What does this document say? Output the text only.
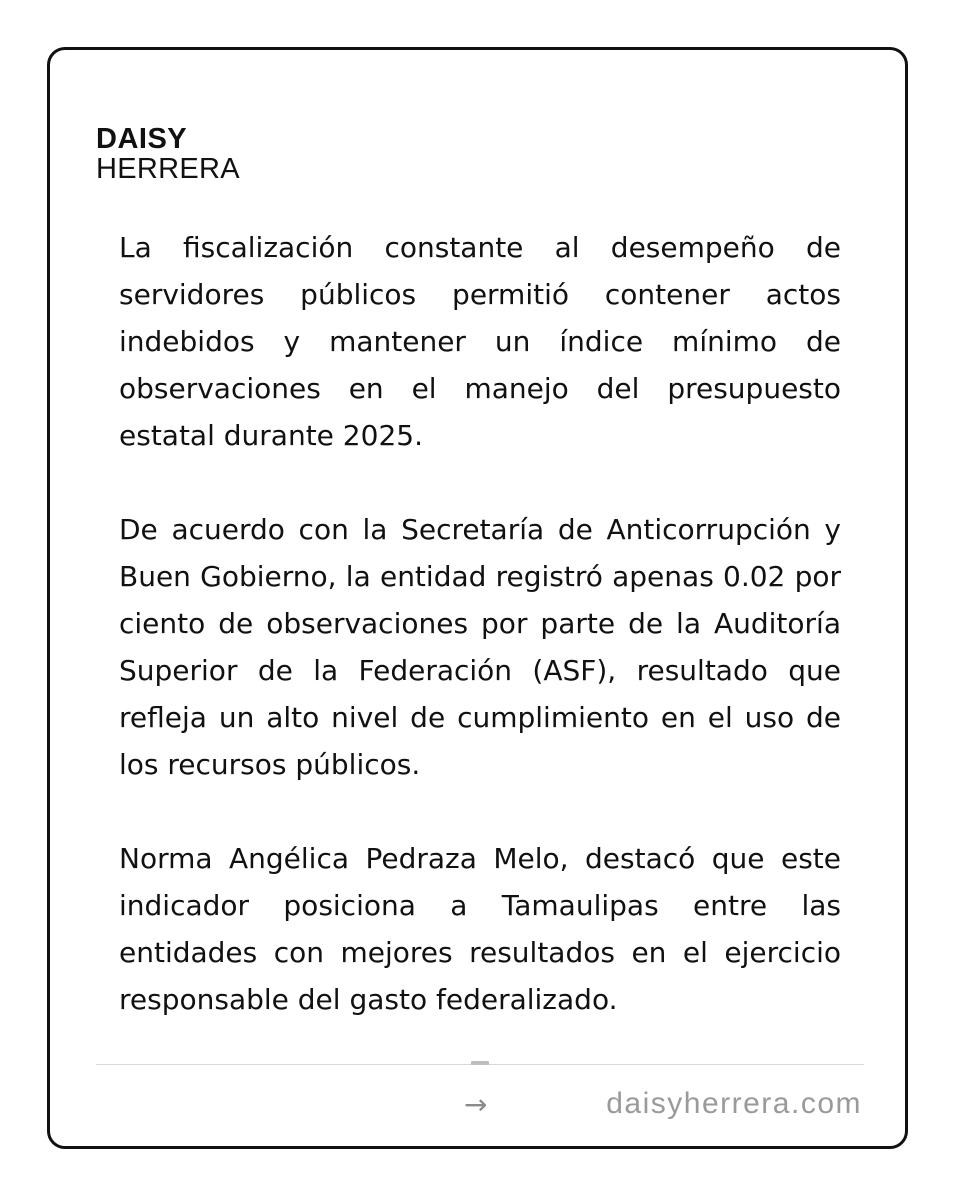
DAISY
HERRERA

La fiscalización constante al desempeño de servidores públicos permitió contener actos indebidos y mantener un índice mínimo de observaciones en el manejo del presupuesto estatal durante 2025.

De acuerdo con la Secretaría de Anticorrupción y Buen Gobierno, la entidad registró apenas 0.02 por ciento de observaciones por parte de la Auditoría Superior de la Federación (ASF), resultado que refleja un alto nivel de cumplimiento en el uso de los recursos públicos.

Norma Angélica Pedraza Melo, destacó que este indicador posiciona a Tamaulipas entre las entidades con mejores resultados en el ejercicio responsable del gasto federalizado.

→	daisyherrera.com
